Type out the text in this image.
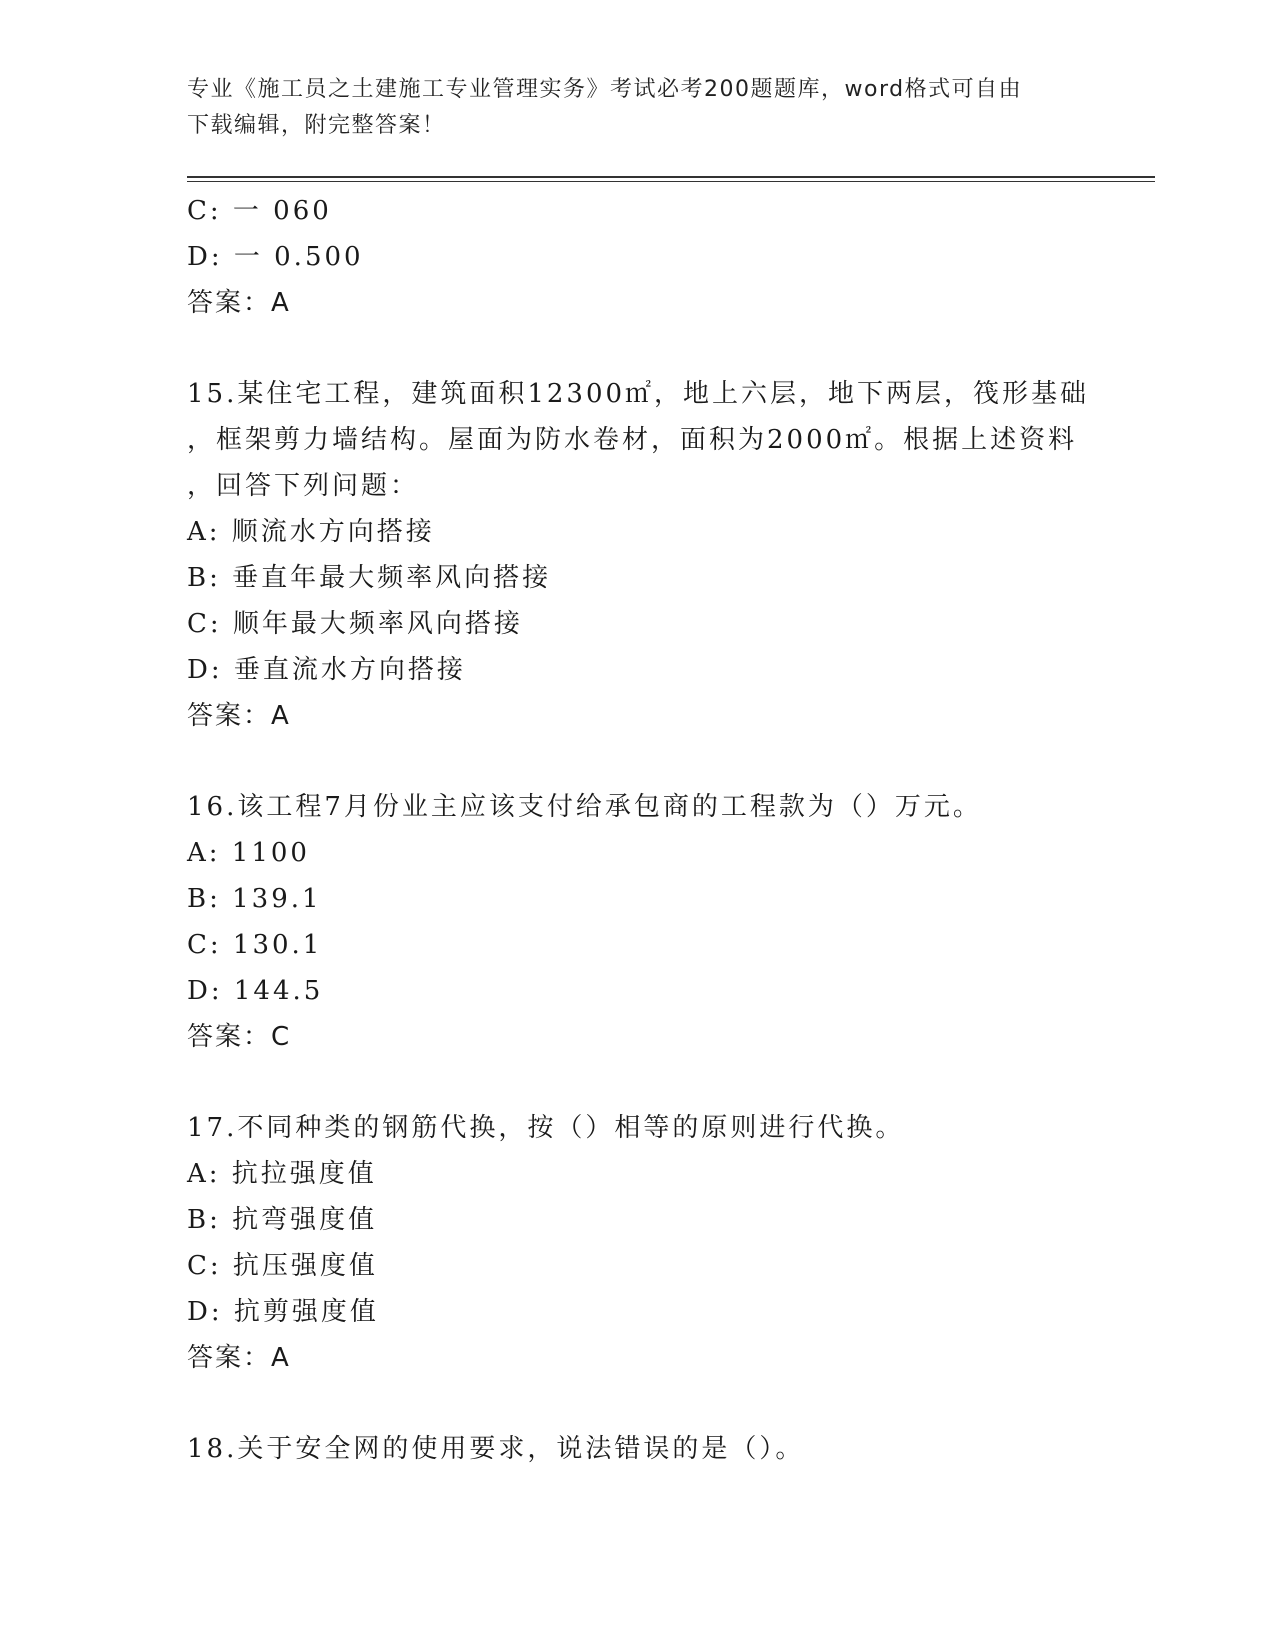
专业《施工员之土建施工专业管理实务》考试必考200题题库，word格式可自由
下载编辑，附完整答案！
C: 一 060
D: 一 0.500
答案：A
15.某住宅工程，建筑面积12300㎡，地上六层，地下两层，筏形基础
，框架剪力墙结构。屋面为防水卷材，面积为2000㎡。根据上述资料
，回答下列问题：
A: 顺流水方向搭接
B: 垂直年最大频率风向搭接
C: 顺年最大频率风向搭接
D: 垂直流水方向搭接
答案：A
16.该工程7月份业主应该支付给承包商的工程款为（）万元。
A: 1100
B: 139.1
C: 130.1
D: 144.5
答案：C
17.不同种类的钢筋代换，按（）相等的原则进行代换。
A: 抗拉强度值
B: 抗弯强度值
C: 抗压强度值
D: 抗剪强度值
答案：A
18.关于安全网的使用要求，说法错误的是（）。
